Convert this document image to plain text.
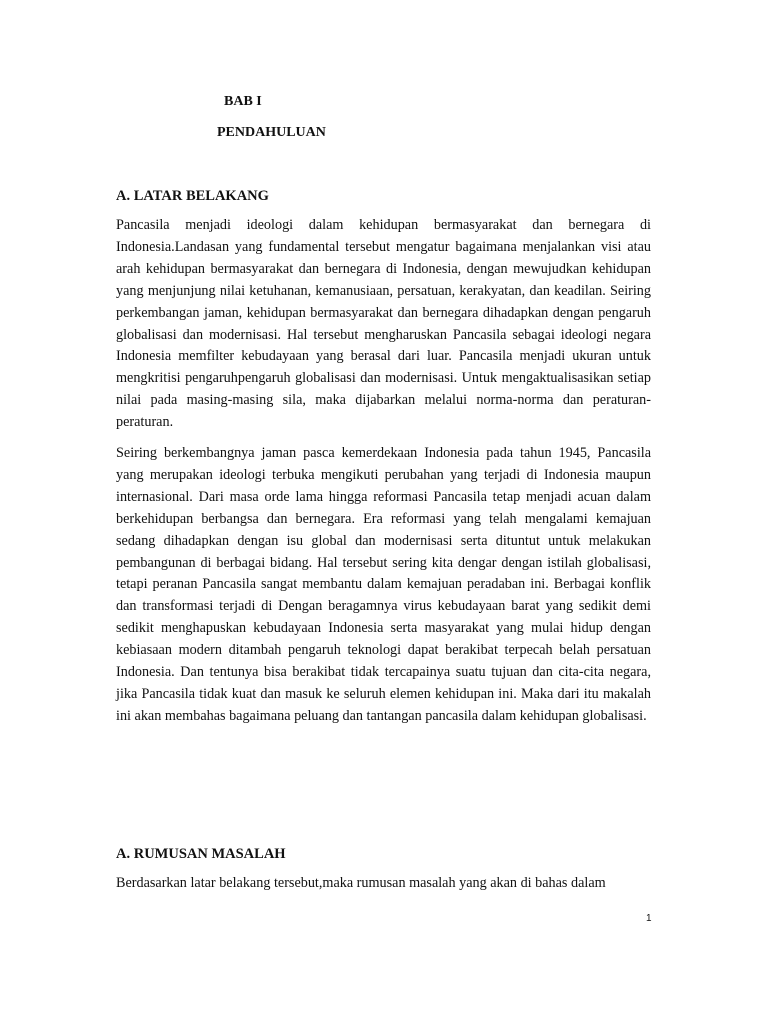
BAB I
PENDAHULUAN
A. LATAR BELAKANG

Pancasila menjadi ideologi dalam kehidupan bermasyarakat dan bernegara di Indonesia.Landasan yang fundamental tersebut mengatur bagaimana menjalankan visi atau arah kehidupan bermasyarakat dan bernegara di Indonesia, dengan mewujudkan kehidupan yang menjunjung nilai ketuhanan, kemanusiaan, persatuan, kerakyatan, dan keadilan. Seiring perkembangan jaman, kehidupan bermasyarakat dan bernegara dihadapkan dengan pengaruh globalisasi dan modernisasi. Hal tersebut mengharuskan Pancasila sebagai ideologi negara Indonesia memfilter kebudayaan yang berasal dari luar. Pancasila menjadi ukuran untuk mengkritisi pengaruhpengaruh globalisasi dan modernisasi. Untuk mengaktualisasikan setiap nilai pada masing-masing sila, maka dijabarkan melalui norma-norma dan peraturan-peraturan.

Seiring berkembangnya jaman pasca kemerdekaan Indonesia pada tahun 1945, Pancasila yang merupakan ideologi terbuka mengikuti perubahan yang terjadi di Indonesia maupun internasional. Dari masa orde lama hingga reformasi Pancasila tetap menjadi acuan dalam berkehidupan berbangsa dan bernegara. Era reformasi yang telah mengalami kemajuan sedang dihadapkan dengan isu global dan modernisasi serta dituntut untuk melakukan pembangunan di berbagai bidang. Hal tersebut sering kita dengar dengan istilah globalisasi, tetapi peranan Pancasila sangat membantu dalam kemajuan peradaban ini. Berbagai konflik dan transformasi terjadi di Dengan beragamnya virus kebudayaan barat yang sedikit demi sedikit menghapuskan kebudayaan Indonesia serta masyarakat yang mulai hidup dengan kebiasaan modern ditambah pengaruh teknologi dapat berakibat terpecah belah persatuan Indonesia. Dan tentunya bisa berakibat tidak tercapainya suatu tujuan dan cita-cita negara, jika Pancasila tidak kuat dan masuk ke seluruh elemen kehidupan ini. Maka dari itu makalah ini akan membahas bagaimana peluang dan tantangan pancasila dalam kehidupan globalisasi.

A. RUMUSAN MASALAH

Berdasarkan latar belakang tersebut,maka rumusan masalah yang akan di bahas dalam

1
